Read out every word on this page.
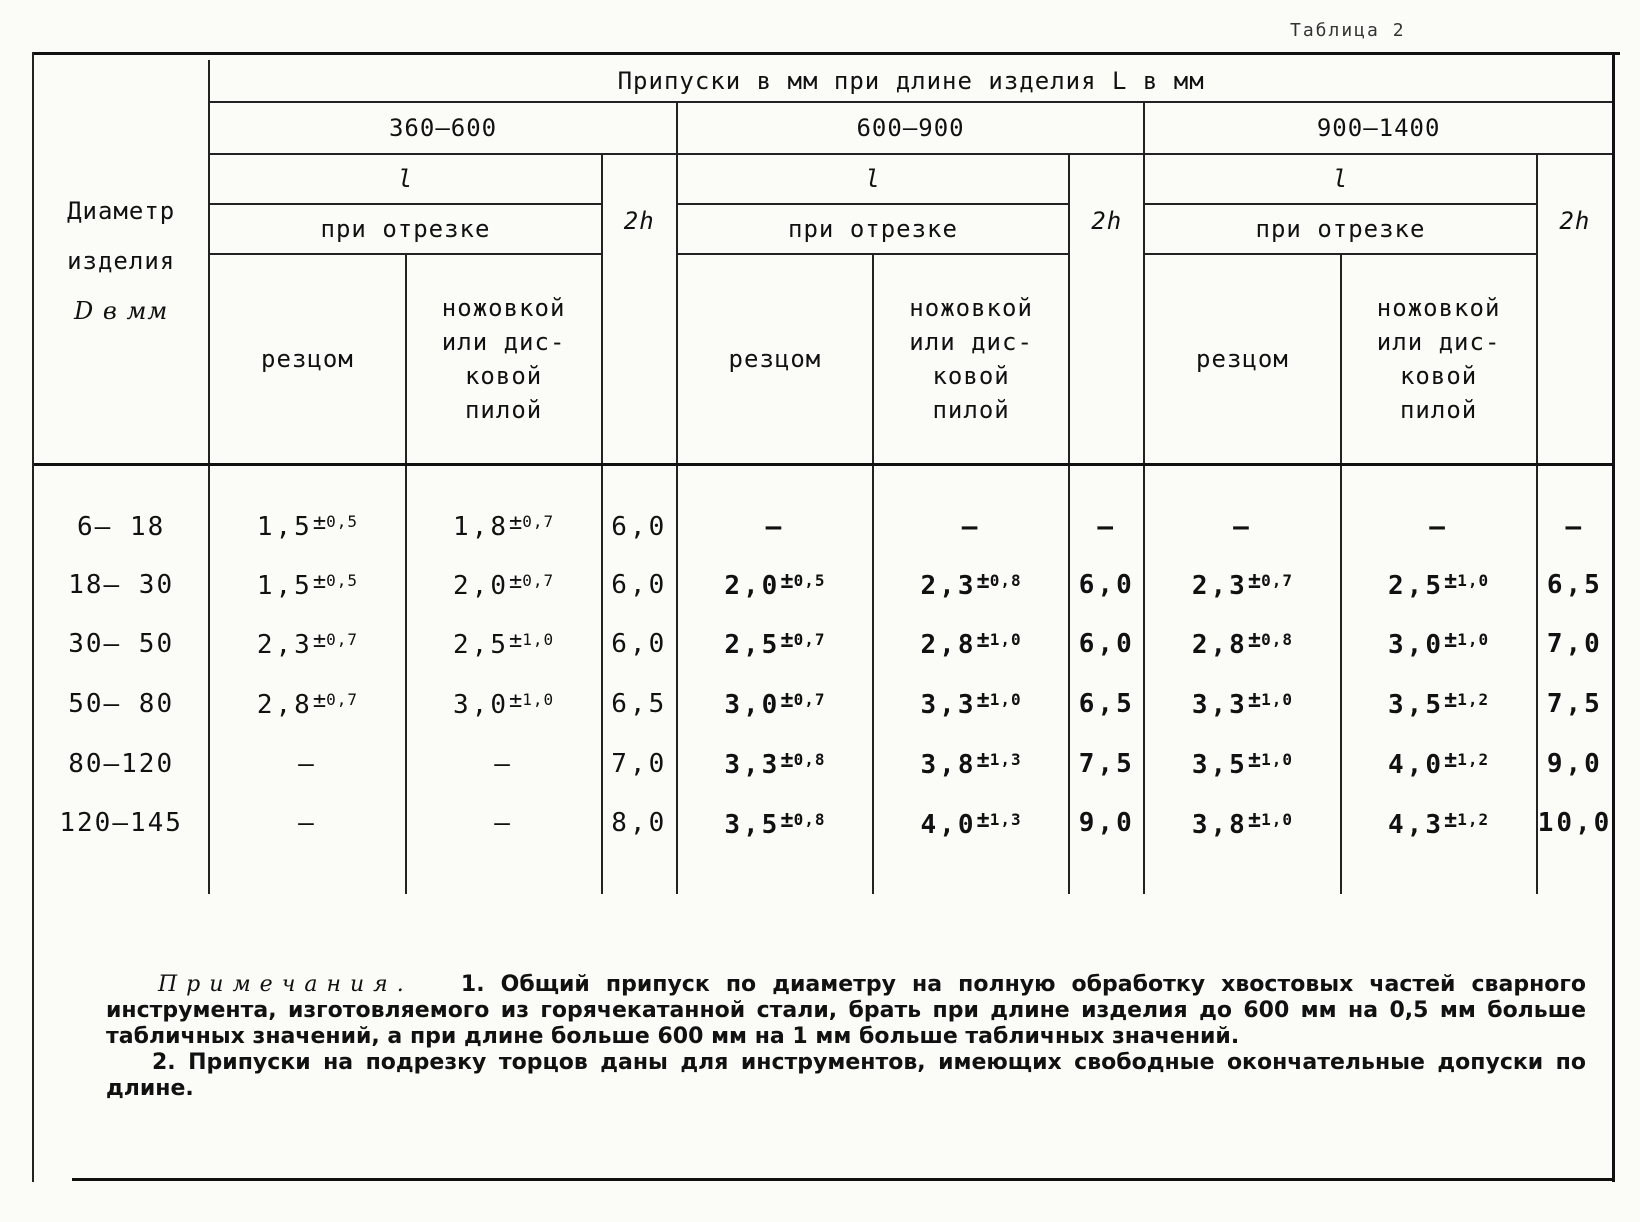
Таблица 2
Диаметр
изделия
D в мм	Припуски в мм при длине изделия L в мм								
	360—600			600—900			900—1400		
	l		2h	l		2h	l		2h
	при отрезке			при отрезке			при отрезке		
	резцом	ножовкой
или дис-
ковой
пилой		резцом	ножовкой
или дис-
ковой
пилой		резцом	ножовкой
или дис-
ковой
пилой	

6— 18	$1,5^{\pm 0,5}$	$1,8^{\pm 0,7}$	6,0	—	—	—	—	—	—
18— 30	$1,5^{\pm 0,5}$	$2,0^{\pm 0,7}$	6,0	$2,0^{\pm 0,5}$	$2,3^{\pm 0,8}$	6,0	$2,3^{\pm 0,7}$	$2,5^{\pm 1,0}$	6,5
30— 50	$2,3^{\pm 0,7}$	$2,5^{\pm 1,0}$	6,0	$2,5^{\pm 0,7}$	$2,8^{\pm 1,0}$	6,0	$2,8^{\pm 0,8}$	$3,0^{\pm 1,0}$	7,0
50— 80	$2,8^{\pm 0,7}$	$3,0^{\pm 1,0}$	6,5	$3,0^{\pm 0,7}$	$3,3^{\pm 1,0}$	6,5	$3,3^{\pm 1,0}$	$3,5^{\pm 1,2}$	7,5
80—120	—	—	7,0	$3,3^{\pm 0,8}$	$3,8^{\pm 1,3}$	7,5	$3,5^{\pm 1,0}$	$4,0^{\pm 1,2}$	9,0
120—145	—	—	8,0	$3,5^{\pm 0,8}$	$4,0^{\pm 1,3}$	9,0	$3,8^{\pm 1,0}$	$4,3^{\pm 1,2}$	10,0

Примечания. 1. Общий припуск по диаметру на полную обработку хвостовых частей сварного инструмента, изготовляемого из горячекатанной стали, брать при длине изделия до 600 мм на 0,5 мм больше табличных значений, а при длине больше 600 мм на 1 мм больше табличных значений.

2. Припуски на подрезку торцов даны для инструментов, имеющих свободные окончательные допуски по длине.
